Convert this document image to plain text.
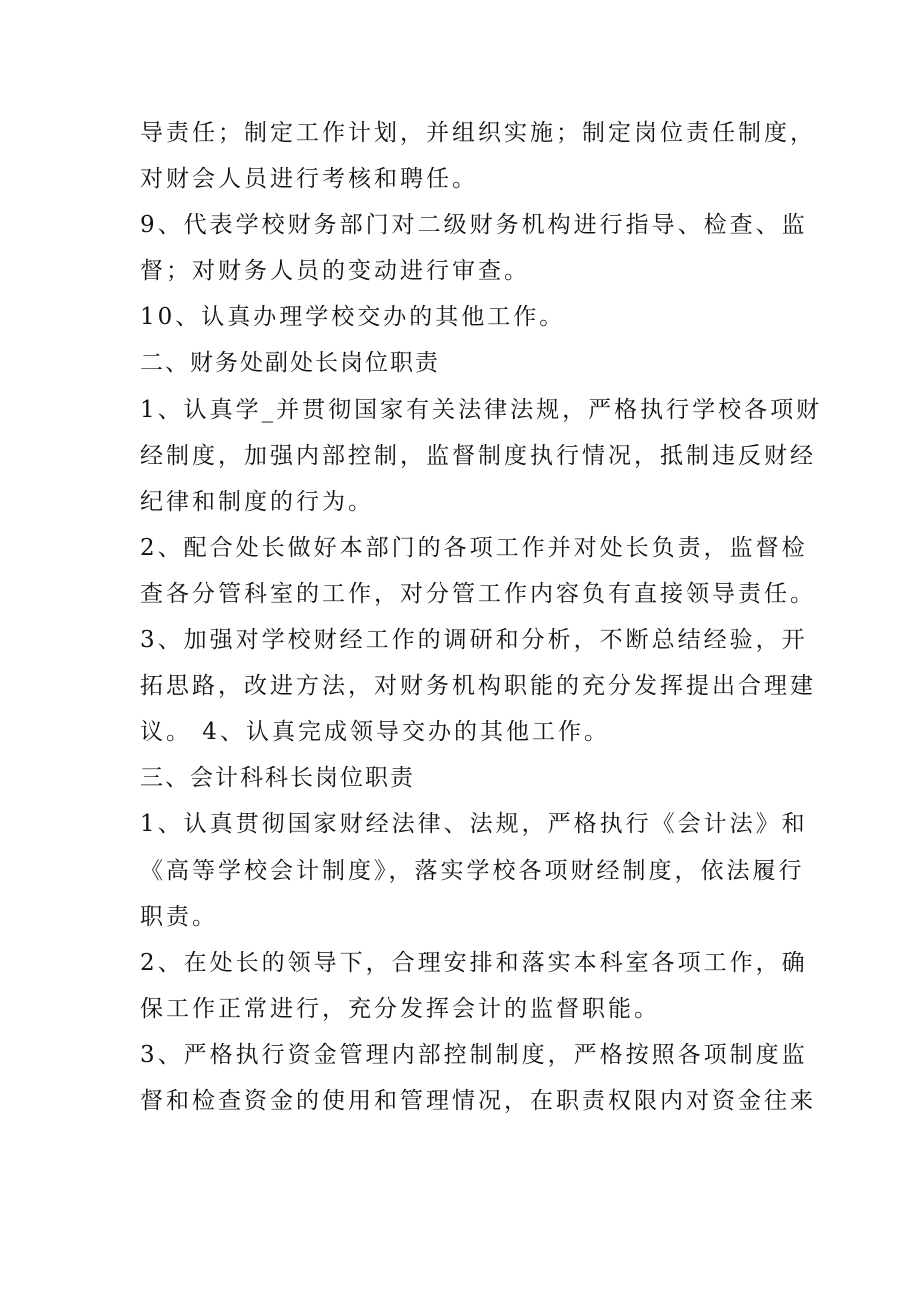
导责任；制定工作计划，并组织实施；制定岗位责任制度，
对财会人员进行考核和聘任。
9、代表学校财务部门对二级财务机构进行指导、检查、监
督；对财务人员的变动进行审查。
10、认真办理学校交办的其他工作。
二、财务处副处长岗位职责
1、认真学_并贯彻国家有关法律法规，严格执行学校各项财
经制度，加强内部控制，监督制度执行情况，抵制违反财经
纪律和制度的行为。
2、配合处长做好本部门的各项工作并对处长负责，监督检
查各分管科室的工作，对分管工作内容负有直接领导责任。
3、加强对学校财经工作的调研和分析，不断总结经验，开
拓思路，改进方法，对财务机构职能的充分发挥提出合理建
议。 4、认真完成领导交办的其他工作。
三、会计科科长岗位职责
1、认真贯彻国家财经法律、法规，严格执行《会计法》和
《高等学校会计制度》，落实学校各项财经制度，依法履行
职责。
2、在处长的领导下，合理安排和落实本科室各项工作，确
保工作正常进行，充分发挥会计的监督职能。
3、严格执行资金管理内部控制制度，严格按照各项制度监
督和检查资金的使用和管理情况，在职责权限内对资金往来
